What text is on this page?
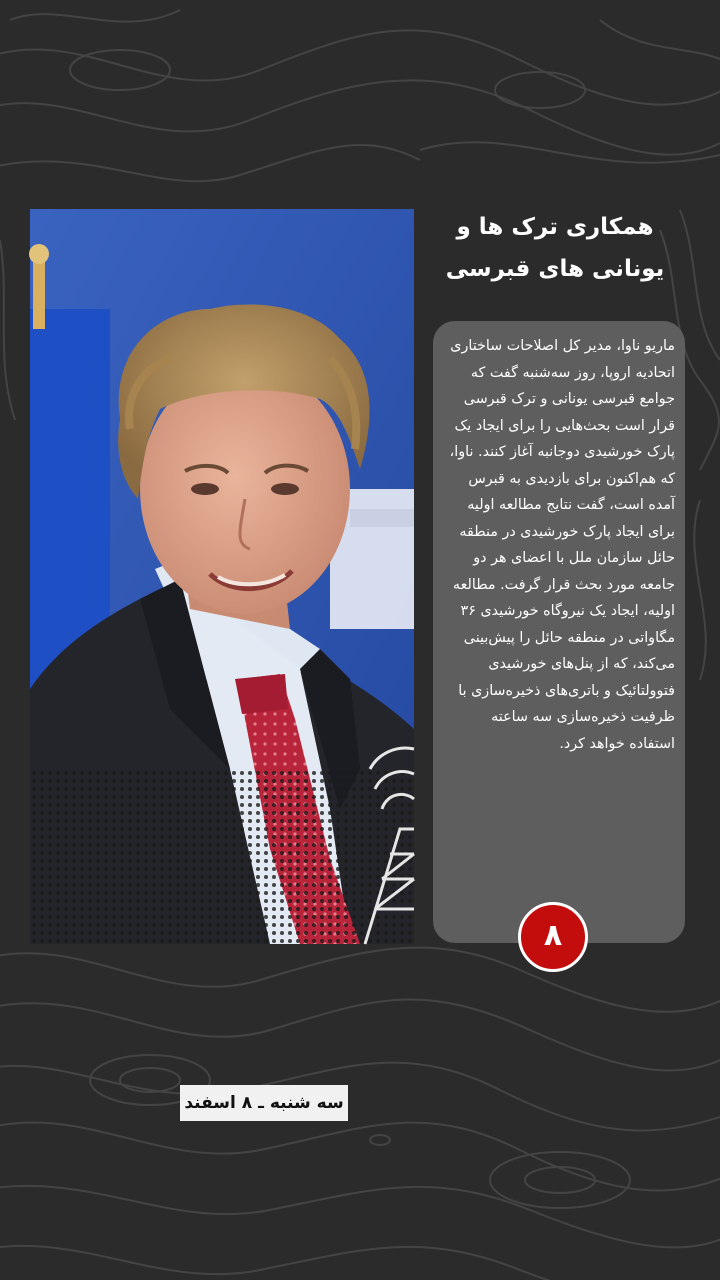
سه شنبه ـ ۸ اسفند
همکاری ترک ها و
یونانی های قبرسی
ماریو ناوا، مدیر کل اصلاحات ساختاری اتحادیه اروپا، روز سه‌شنبه گفت که جوامع قبرسی یونانی و ترک قبرسی قرار است بحث‌هایی را برای ایجاد یک پارک خورشیدی دوجانبه آغاز کنند. ناوا، که هم‌اکنون برای بازدیدی به قبرس آمده است، گفت نتایج مطالعه اولیه برای ایجاد پارک خورشیدی در منطقه حائل سازمان ملل با اعضای هر دو جامعه مورد بحث قرار گرفت. مطالعه اولیه، ایجاد یک نیروگاه خورشیدی ۳۶ مگاواتی در منطقه حائل را پیش‌بینی می‌کند، که از پنل‌های خورشیدی فتوولتائیک و باتری‌های ذخیره‌سازی با ظرفیت ذخیره‌سازی سه ساعته استفاده خواهد کرد.
۸
